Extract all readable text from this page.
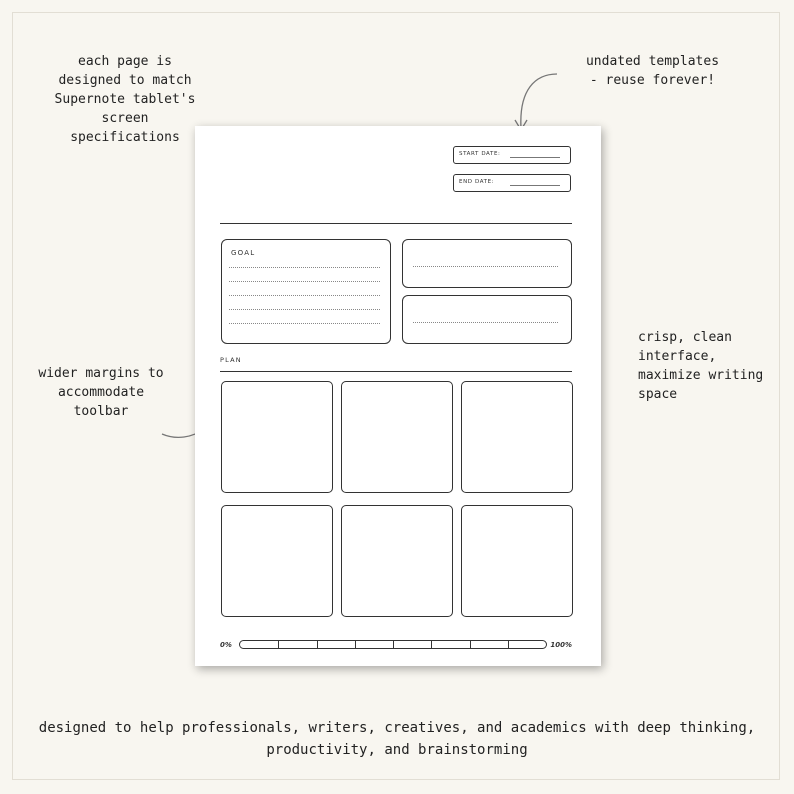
each page is
designed to match
Supernote tablet's
screen
specifications
undated templates
- reuse forever!
wider margins to
accommodate
toolbar
crisp, clean
interface,
maximize writing
space
START DATE:
END DATE:
GOAL
PLAN
0%	100%
designed to help professionals, writers, creatives, and academics with deep thinking,
productivity, and brainstorming
